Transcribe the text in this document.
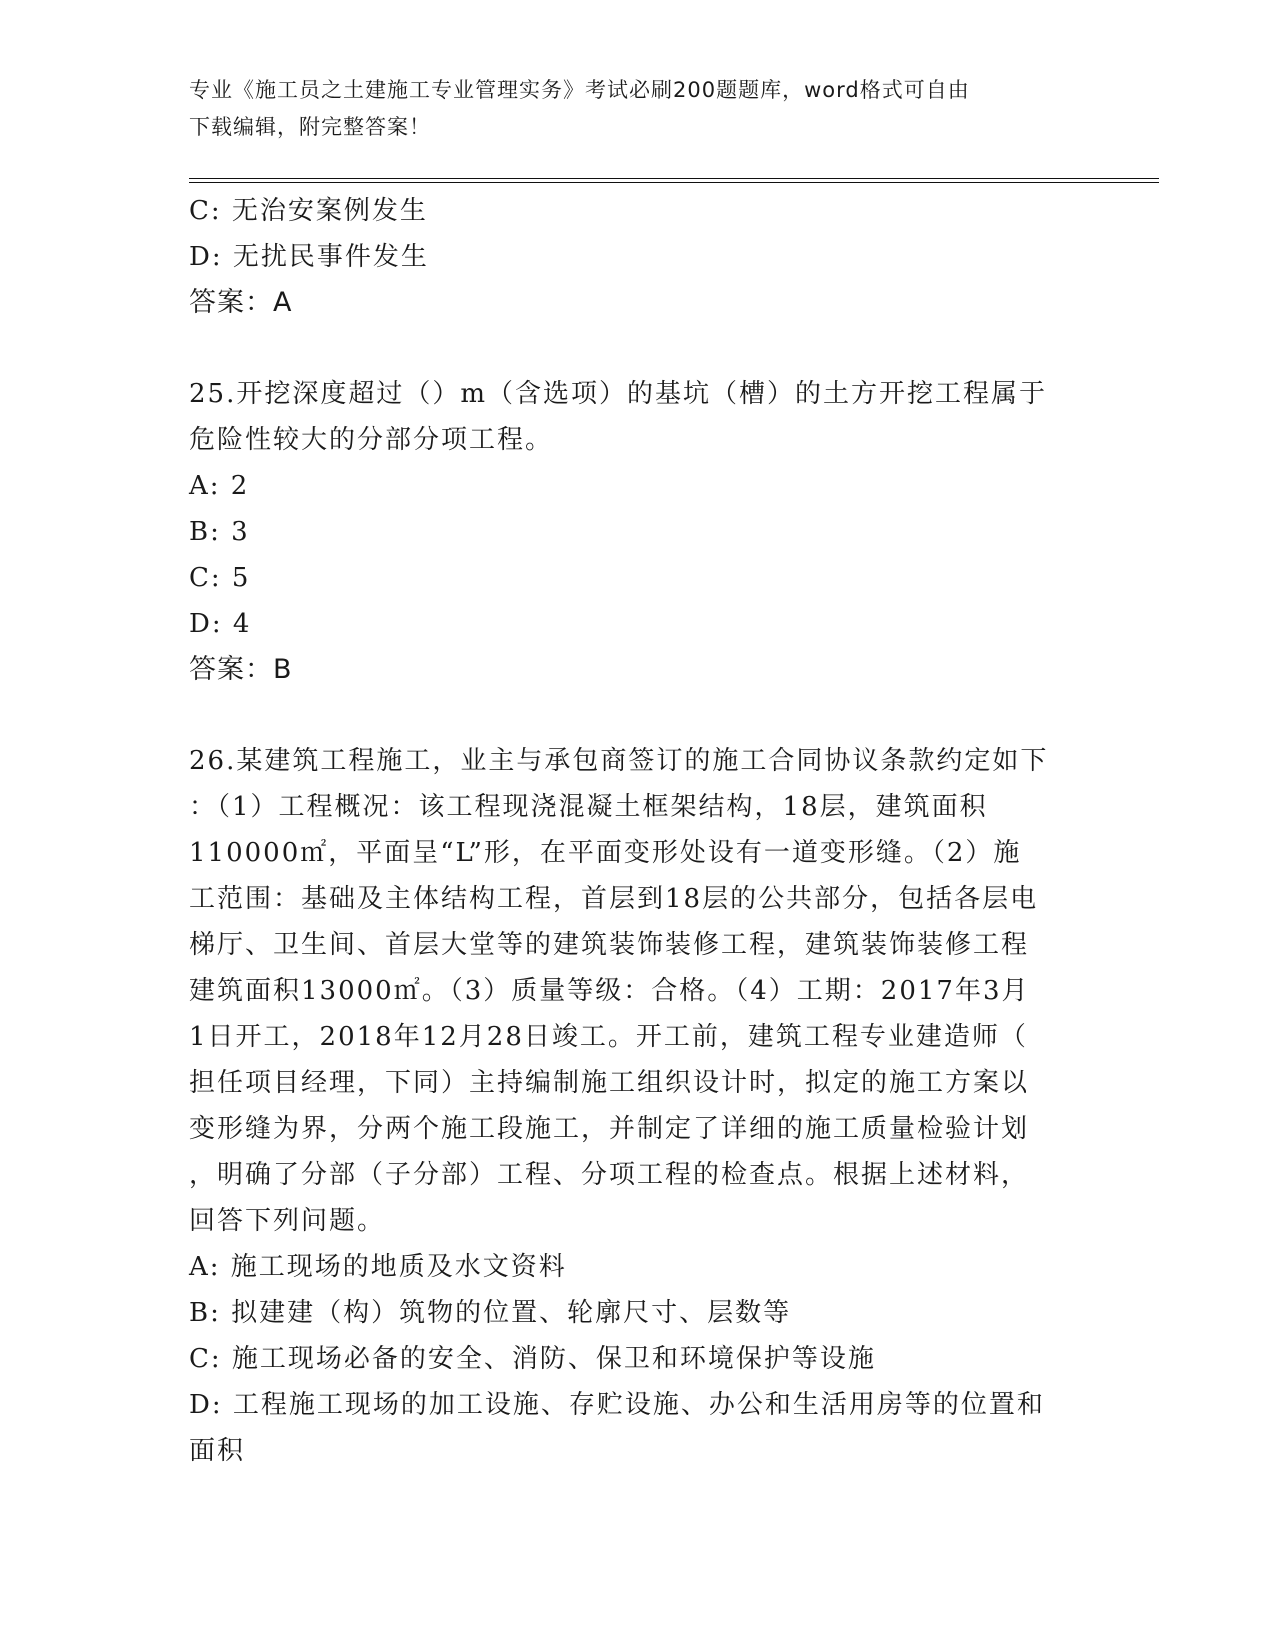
专业《施工员之土建施工专业管理实务》考试必刷200题题库，word格式可自由
下载编辑，附完整答案！
C: 无治安案例发生
D: 无扰民事件发生
答案：A
25.开挖深度超过（）m（含选项）的基坑（槽）的土方开挖工程属于
危险性较大的分部分项工程。
A: 2
B: 3
C: 5
D: 4
答案：B
26.某建筑工程施工，业主与承包商签订的施工合同协议条款约定如下
：（1）工程概况：该工程现浇混凝土框架结构，18层，建筑面积
110000㎡，平面呈“L”形，在平面变形处设有一道变形缝。（2）施
工范围：基础及主体结构工程，首层到18层的公共部分，包括各层电
梯厅、卫生间、首层大堂等的建筑装饰装修工程，建筑装饰装修工程
建筑面积13000㎡。（3）质量等级：合格。（4）工期：2017年3月
1日开工，2018年12月28日竣工。开工前，建筑工程专业建造师（
担任项目经理，下同）主持编制施工组织设计时，拟定的施工方案以
变形缝为界，分两个施工段施工，并制定了详细的施工质量检验计划
，明确了分部（子分部）工程、分项工程的检查点。根据上述材料，
回答下列问题。
A: 施工现场的地质及水文资料
B: 拟建建（构）筑物的位置、轮廓尺寸、层数等
C: 施工现场必备的安全、消防、保卫和环境保护等设施
D: 工程施工现场的加工设施、存贮设施、办公和生活用房等的位置和
面积
